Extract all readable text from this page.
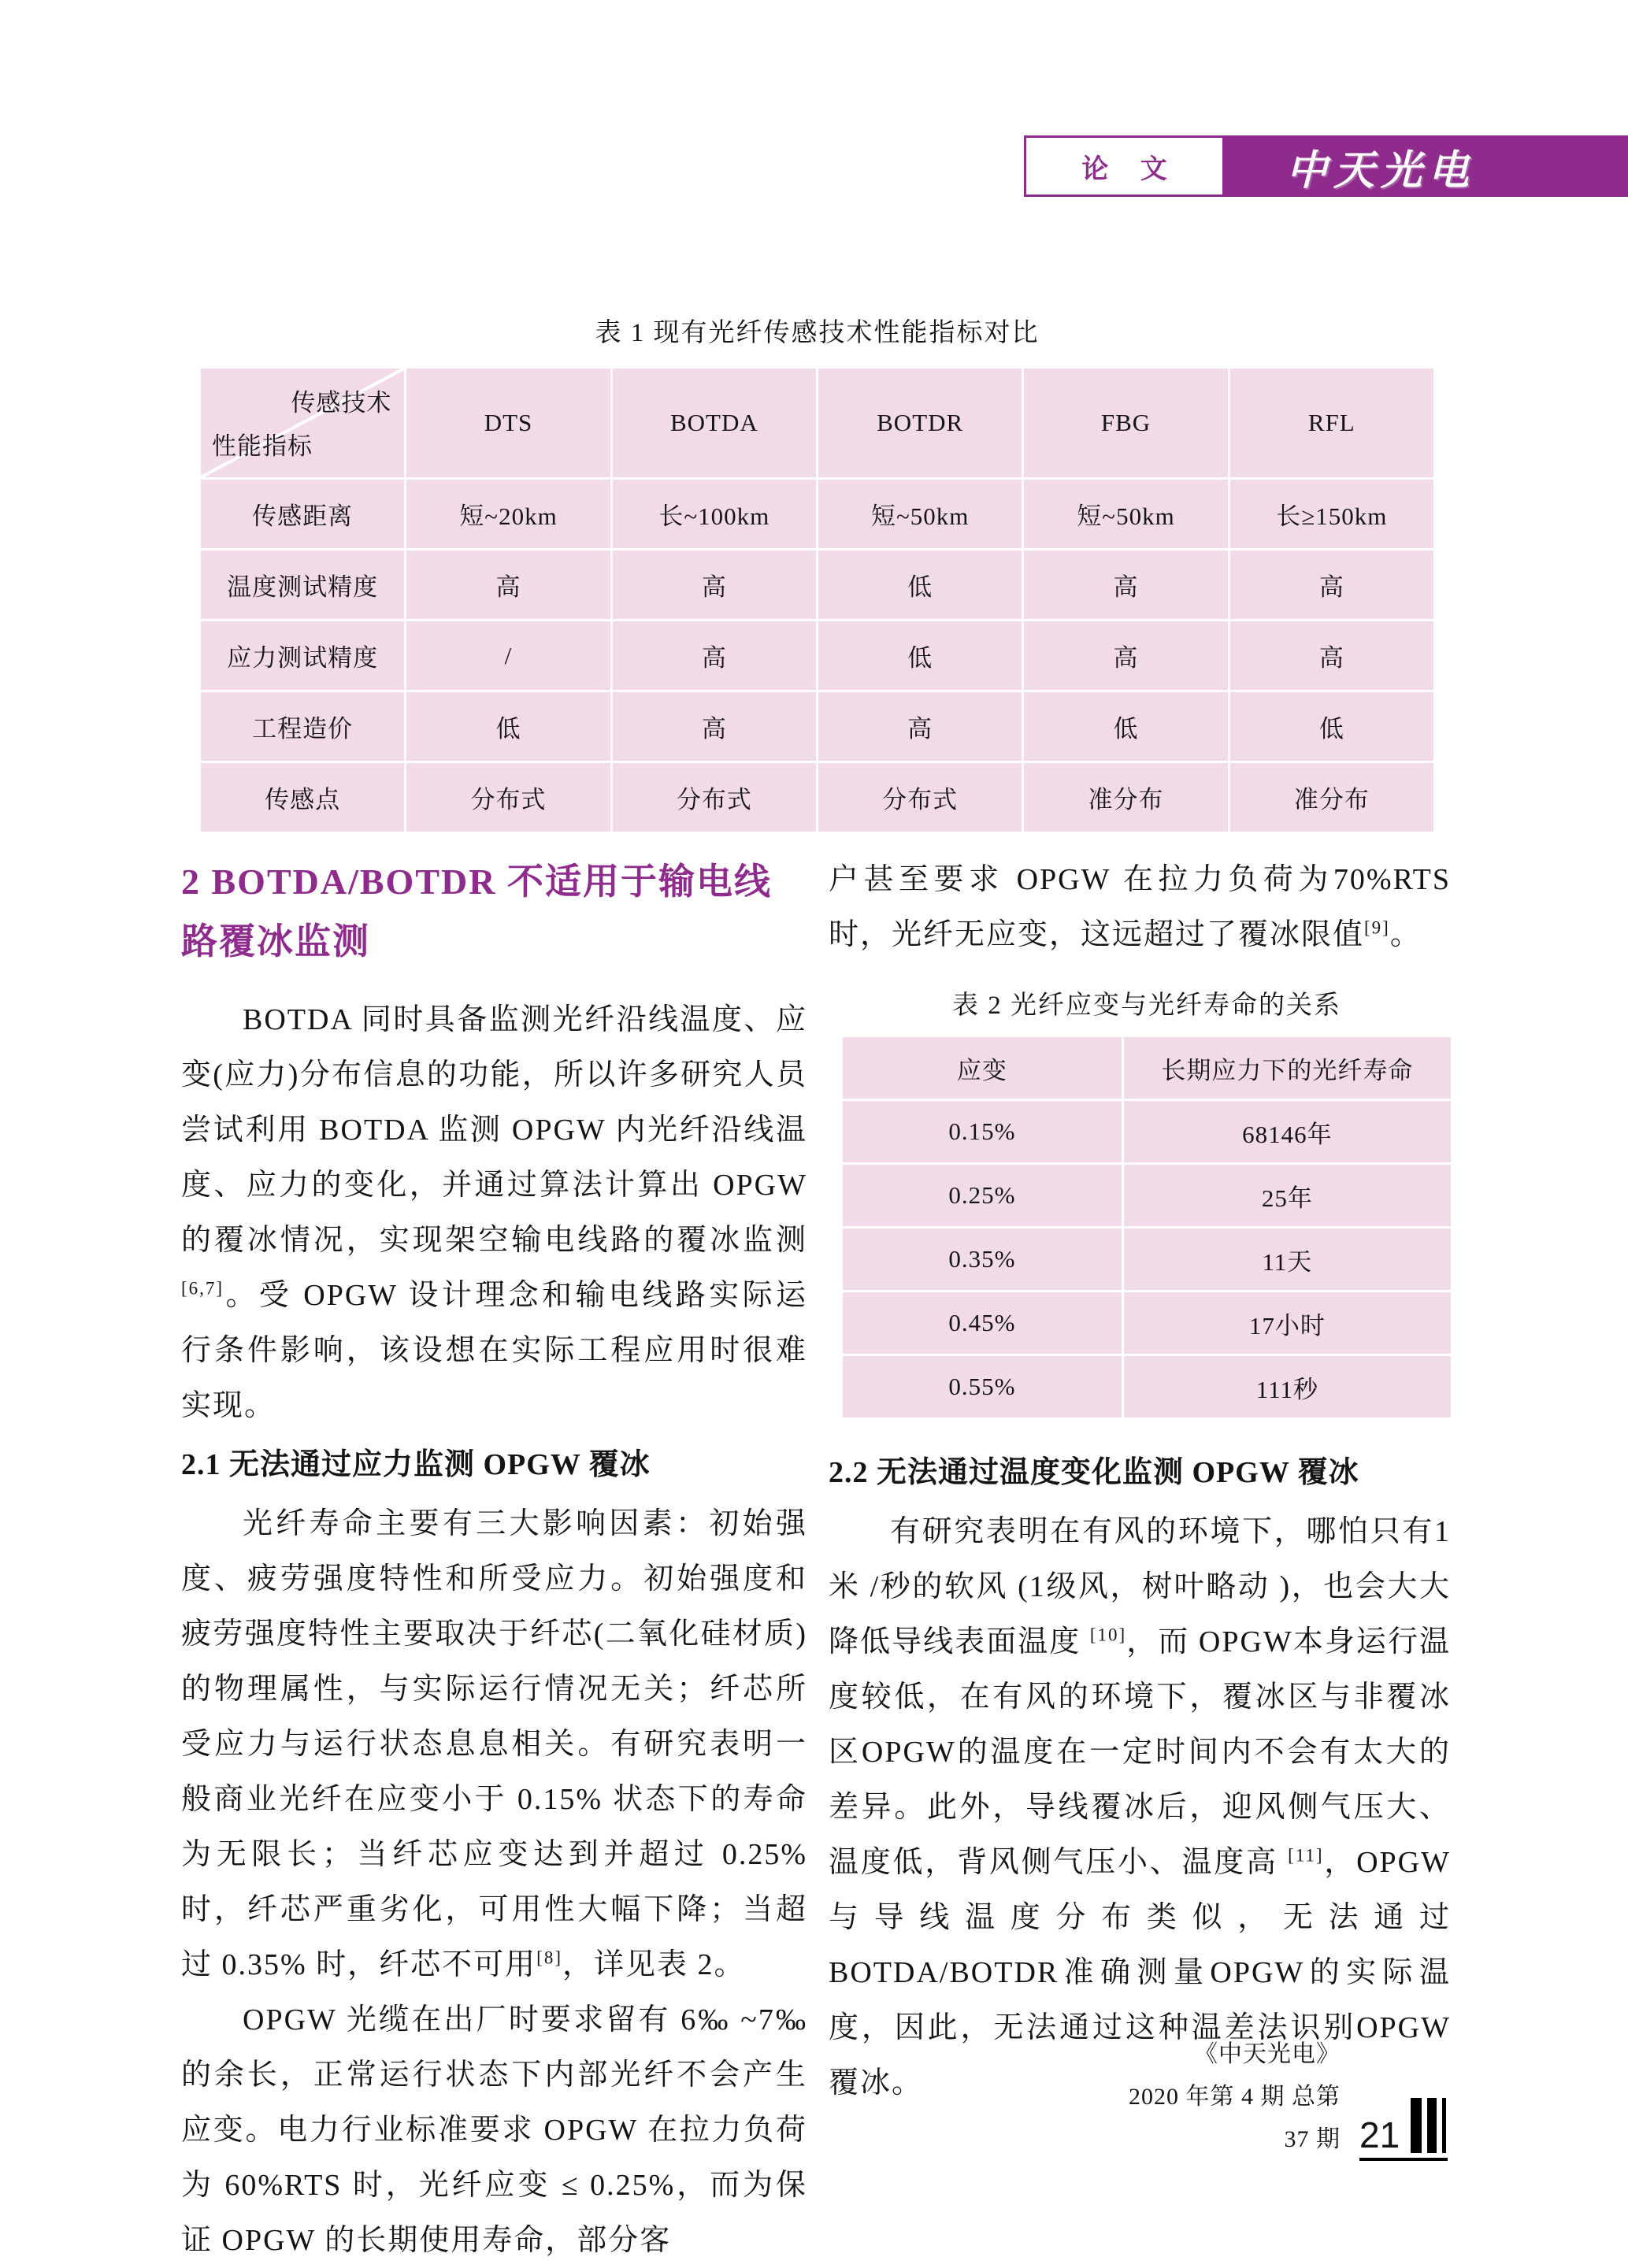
论 文	中天光电
表 1 现有光纤传感技术性能指标对比
传感技术
性能指标
DTS	BOTDA	BOTDR	FBG	RFL
传感距离	短~20km	长~100km	短~50km	短~50km	长≥150km
温度测试精度	高	高	低	高	高
应力测试精度	/	高	低	高	高
工程造价	低	高	高	低	低
传感点	分布式	分布式	分布式	准分布	准分布
2 BOTDA/BOTDR 不适用于输电线路覆冰监测

BOTDA 同时具备监测光纤沿线温度、应变(应力)分布信息的功能，所以许多研究人员尝试利用 BOTDA 监测 OPGW 内光纤沿线温度、应力的变化，并通过算法计算出 OPGW 的覆冰情况，实现架空输电线路的覆冰监测[6,7]。受 OPGW 设计理念和输电线路实际运行条件影响，该设想在实际工程应用时很难实现。

2.1 无法通过应力监测 OPGW 覆冰

光纤寿命主要有三大影响因素：初始强度、疲劳强度特性和所受应力。初始强度和疲劳强度特性主要取决于纤芯(二氧化硅材质)的物理属性，与实际运行情况无关；纤芯所受应力与运行状态息息相关。有研究表明一般商业光纤在应变小于 0.15% 状态下的寿命为无限长；当纤芯应变达到并超过 0.25% 时，纤芯严重劣化，可用性大幅下降；当超过 0.35% 时，纤芯不可用[8]，详见表 2。

OPGW 光缆在出厂时要求留有 6‰ ~7‰的余长，正常运行状态下内部光纤不会产生应变。电力行业标准要求 OPGW 在拉力负荷为 60%RTS 时，光纤应变 ≤ 0.25%，而为保证 OPGW 的长期使用寿命，部分客

户甚至要求 OPGW 在拉力负荷为70%RTS 时，光纤无应变，这远超过了覆冰限值[9]。

表 2 光纤应变与光纤寿命的关系
应变	长期应力下的光纤寿命
0.15%	68146年
0.25%	25年
0.35%	11天
0.45%	17小时
0.55%	111秒
2.2 无法通过温度变化监测 OPGW 覆冰

有研究表明在有风的环境下，哪怕只有1米 /秒的软风 (1级风，树叶略动 )，也会大大降低导线表面温度 [10]，而 OPGW本身运行温度较低，在有风的环境下，覆冰区与非覆冰区OPGW的温度在一定时间内不会有太大的差异。此外，导线覆冰后，迎风侧气压大、温度低，背风侧气压小、温度高 [11]，OPGW与导线温度分布类似，无法通过 BOTDA/BOTDR准确测量OPGW的实际温度，因此，无法通过这种温差法识别OPGW覆冰。

《中天光电》
2020 年第 4 期 总第 37 期 21
